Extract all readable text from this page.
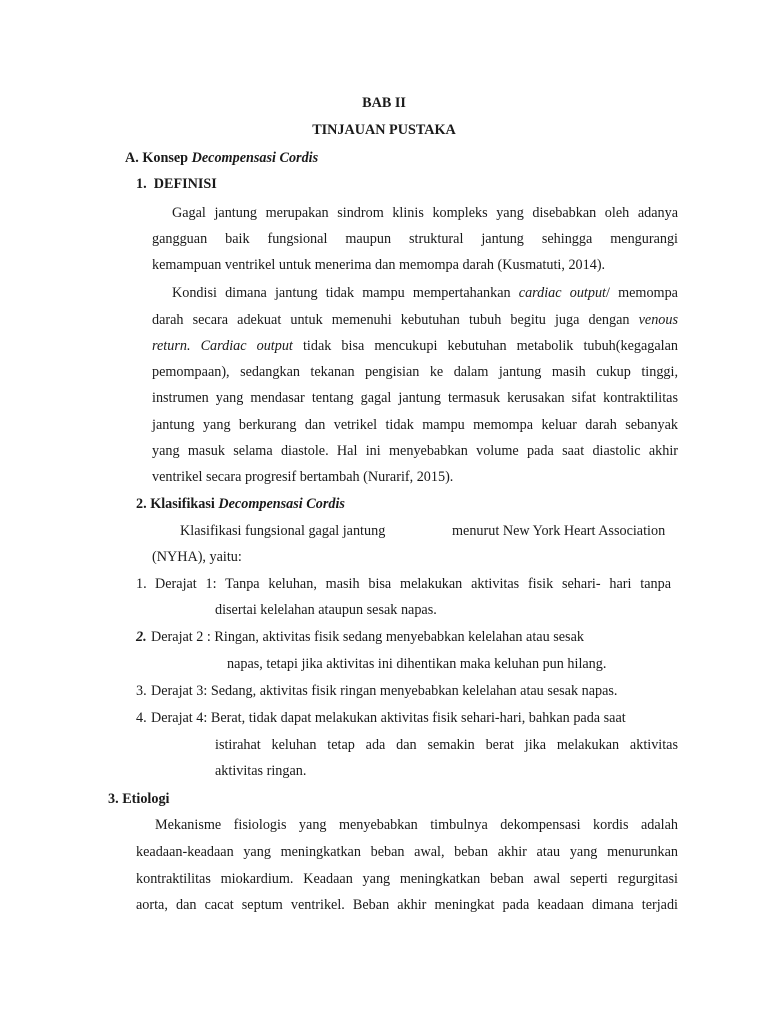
BAB II
TINJAUAN PUSTAKA
A. Konsep Decompensasi Cordis
1.  DEFINISI
Gagal jantung merupakan sindrom klinis kompleks yang disebabkan oleh adanya
gangguan baik fungsional maupun struktural jantung sehingga mengurangi
kemampuan ventrikel untuk menerima dan memompa darah (Kusmatuti, 2014).
Kondisi dimana jantung tidak mampu mempertahankan cardiac output/ memompa
darah secara adekuat untuk memenuhi kebutuhan tubuh begitu juga dengan venous
return. Cardiac output tidak bisa mencukupi kebutuhan metabolik tubuh(kegagalan
pemompaan), sedangkan tekanan pengisian ke dalam jantung masih cukup tinggi,
instrumen yang mendasar tentang gagal jantung termasuk kerusakan sifat kontraktilitas
jantung yang berkurang dan vetrikel tidak mampu memompa keluar darah sebanyak
yang masuk selama diastole. Hal ini menyebabkan volume pada saat diastolic akhir
ventrikel secara progresif bertambah (Nurarif, 2015).
2. Klasifikasi Decompensasi Cordis
Klasifikasi fungsional gagal jantung	menurut New York Heart Association
(NYHA), yaitu:
1. Derajat 1: Tanpa keluhan, masih bisa melakukan aktivitas fisik sehari- hari tanpa
disertai kelelahan ataupun sesak napas.
2. Derajat 2 : Ringan, aktivitas fisik sedang menyebabkan kelelahan atau sesak
napas, tetapi jika aktivitas ini dihentikan maka keluhan pun hilang.
3. Derajat 3: Sedang, aktivitas fisik ringan menyebabkan kelelahan atau sesak napas.
4. Derajat 4: Berat, tidak dapat melakukan aktivitas fisik sehari-hari, bahkan pada saat
istirahat keluhan tetap ada dan semakin berat jika melakukan aktivitas
aktivitas ringan.
3. Etiologi
Mekanisme fisiologis yang menyebabkan timbulnya dekompensasi kordis adalah
keadaan-keadaan yang meningkatkan beban awal, beban akhir atau yang menurunkan
kontraktilitas miokardium. Keadaan yang meningkatkan beban awal seperti regurgitasi
aorta, dan cacat septum ventrikel. Beban akhir meningkat pada keadaan dimana terjadi
